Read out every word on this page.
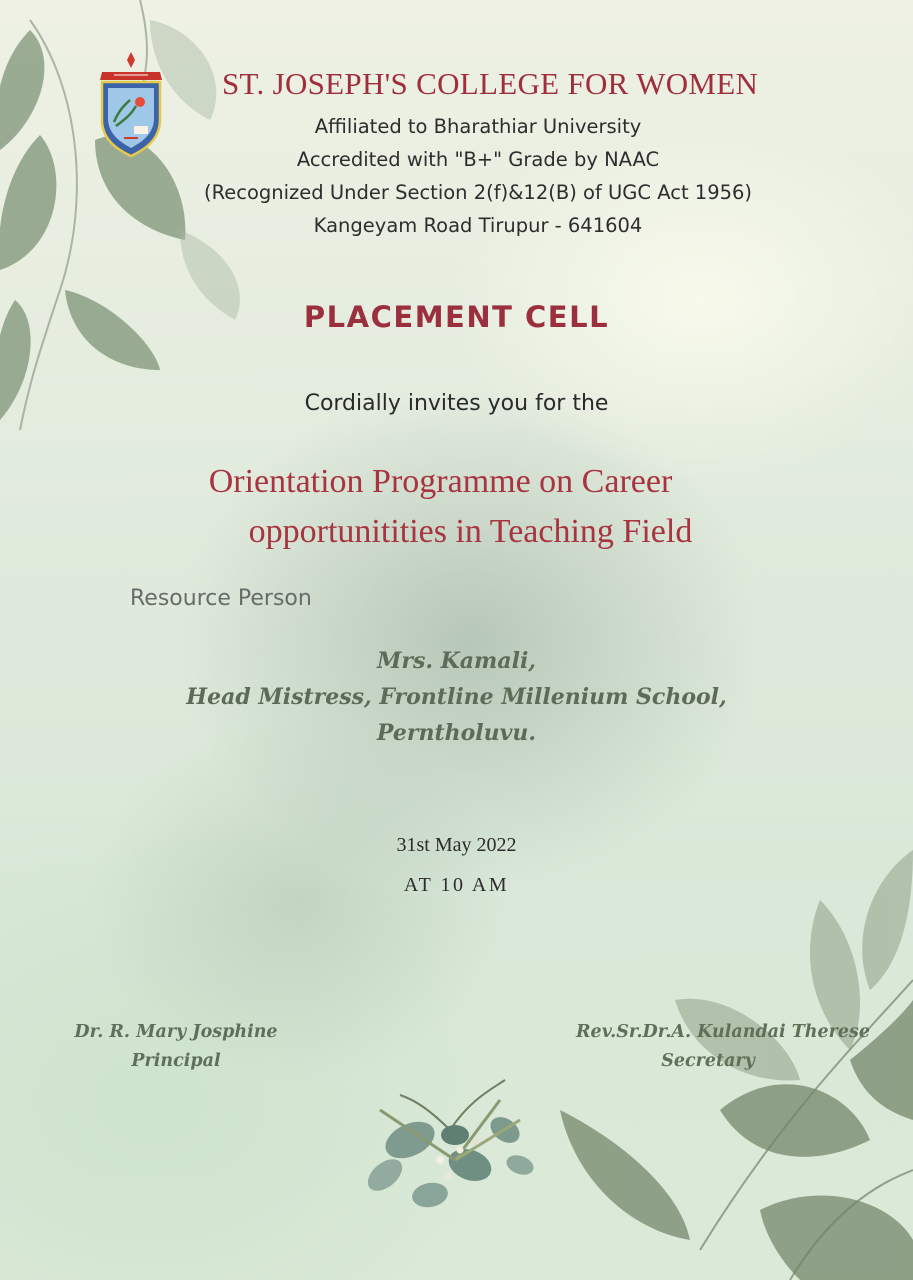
ST. JOSEPH'S COLLEGE FOR WOMEN

Affiliated to Bharathiar University

Accredited with "B+" Grade by NAAC

(Recognized Under Section 2(f)&12(B) of UGC Act 1956)

Kangeyam Road Tirupur - 641604

PLACEMENT CELL

Cordially invites you for the

Orientation Programme on Career

opportunitities in Teaching Field

Resource Person

Mrs. Kamali,

Head Mistress, Frontline Millenium School,

Perntholuvu.

31st May 2022

AT 10 AM

Dr. R. Mary Josphine

Principal

Rev.Sr.Dr.A. Kulandai Therese

Secretary
